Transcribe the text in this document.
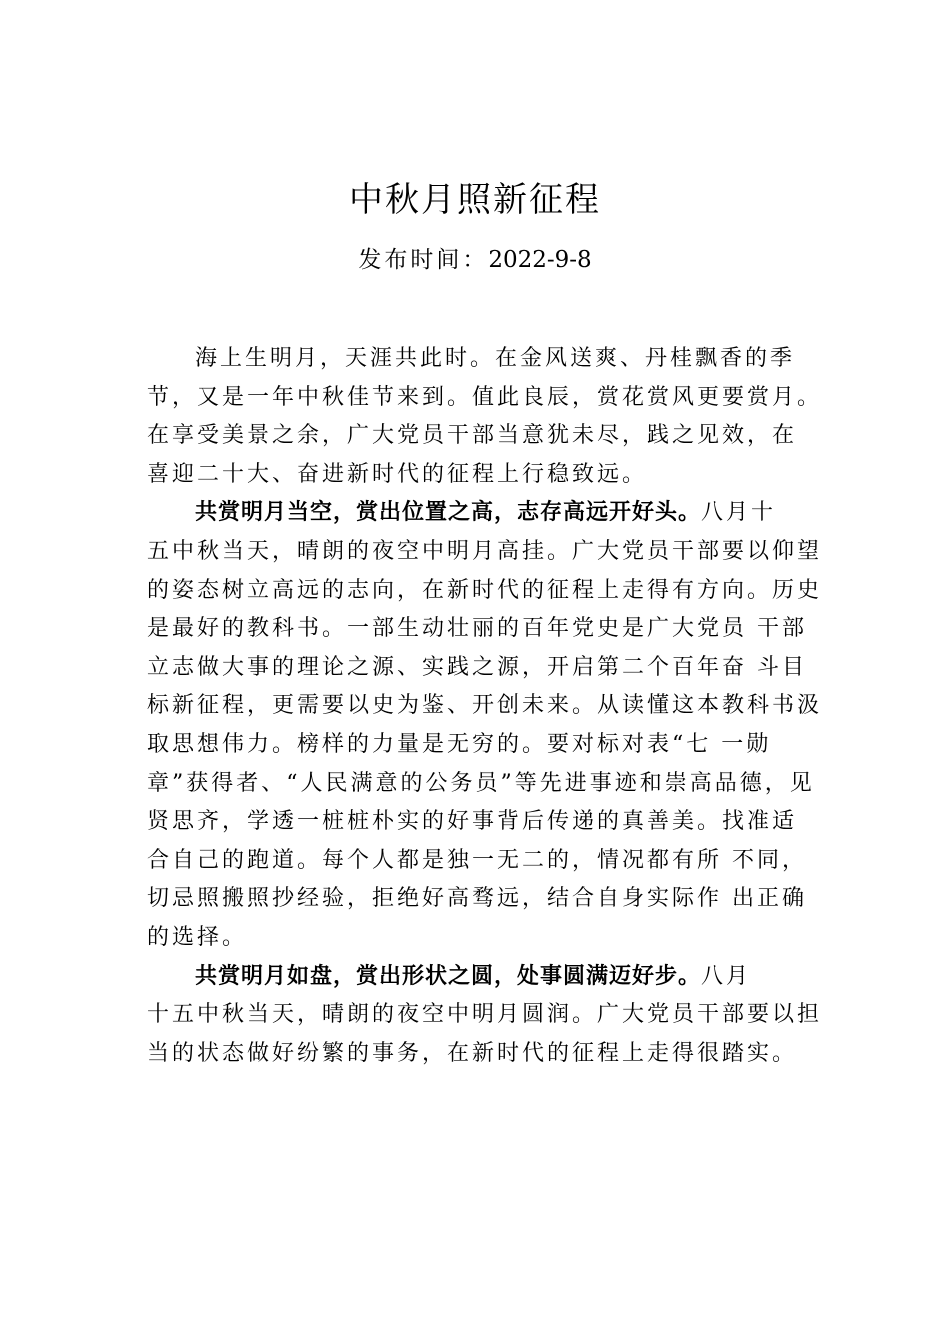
中秋月照新征程
发布时间：2022-9-8
海上生明月，天涯共此时。在金风送爽、丹桂飘香的季
节，又是一年中秋佳节来到。值此良辰，赏花赏风更要赏月。
在享受美景之余，广大党员干部当意犹未尽，践之见效，在
喜迎二十大、奋进新时代的征程上行稳致远。
共赏明月当空，赏出位置之高，志存高远开好头。八月十
五中秋当天，晴朗的夜空中明月高挂。广大党员干部要以仰望
的姿态树立高远的志向，在新时代的征程上走得有方向。历史
是最好的教科书。一部生动壮丽的百年党史是广大党员 干部
立志做大事的理论之源、实践之源，开启第二个百年奋 斗目
标新征程，更需要以史为鉴、开创未来。从读懂这本教科书汲
取思想伟力。榜样的力量是无穷的。要对标对表“七 一勋
章”获得者、“人民满意的公务员”等先进事迹和崇高品德，见
贤思齐，学透一桩桩朴实的好事背后传递的真善美。找准适
合自己的跑道。每个人都是独一无二的，情况都有所 不同，
切忌照搬照抄经验，拒绝好高骛远，结合自身实际作 出正确
的选择。
共赏明月如盘，赏出形状之圆，处事圆满迈好步。八月
十五中秋当天，晴朗的夜空中明月圆润。广大党员干部要以担
当的状态做好纷繁的事务，在新时代的征程上走得很踏实。
